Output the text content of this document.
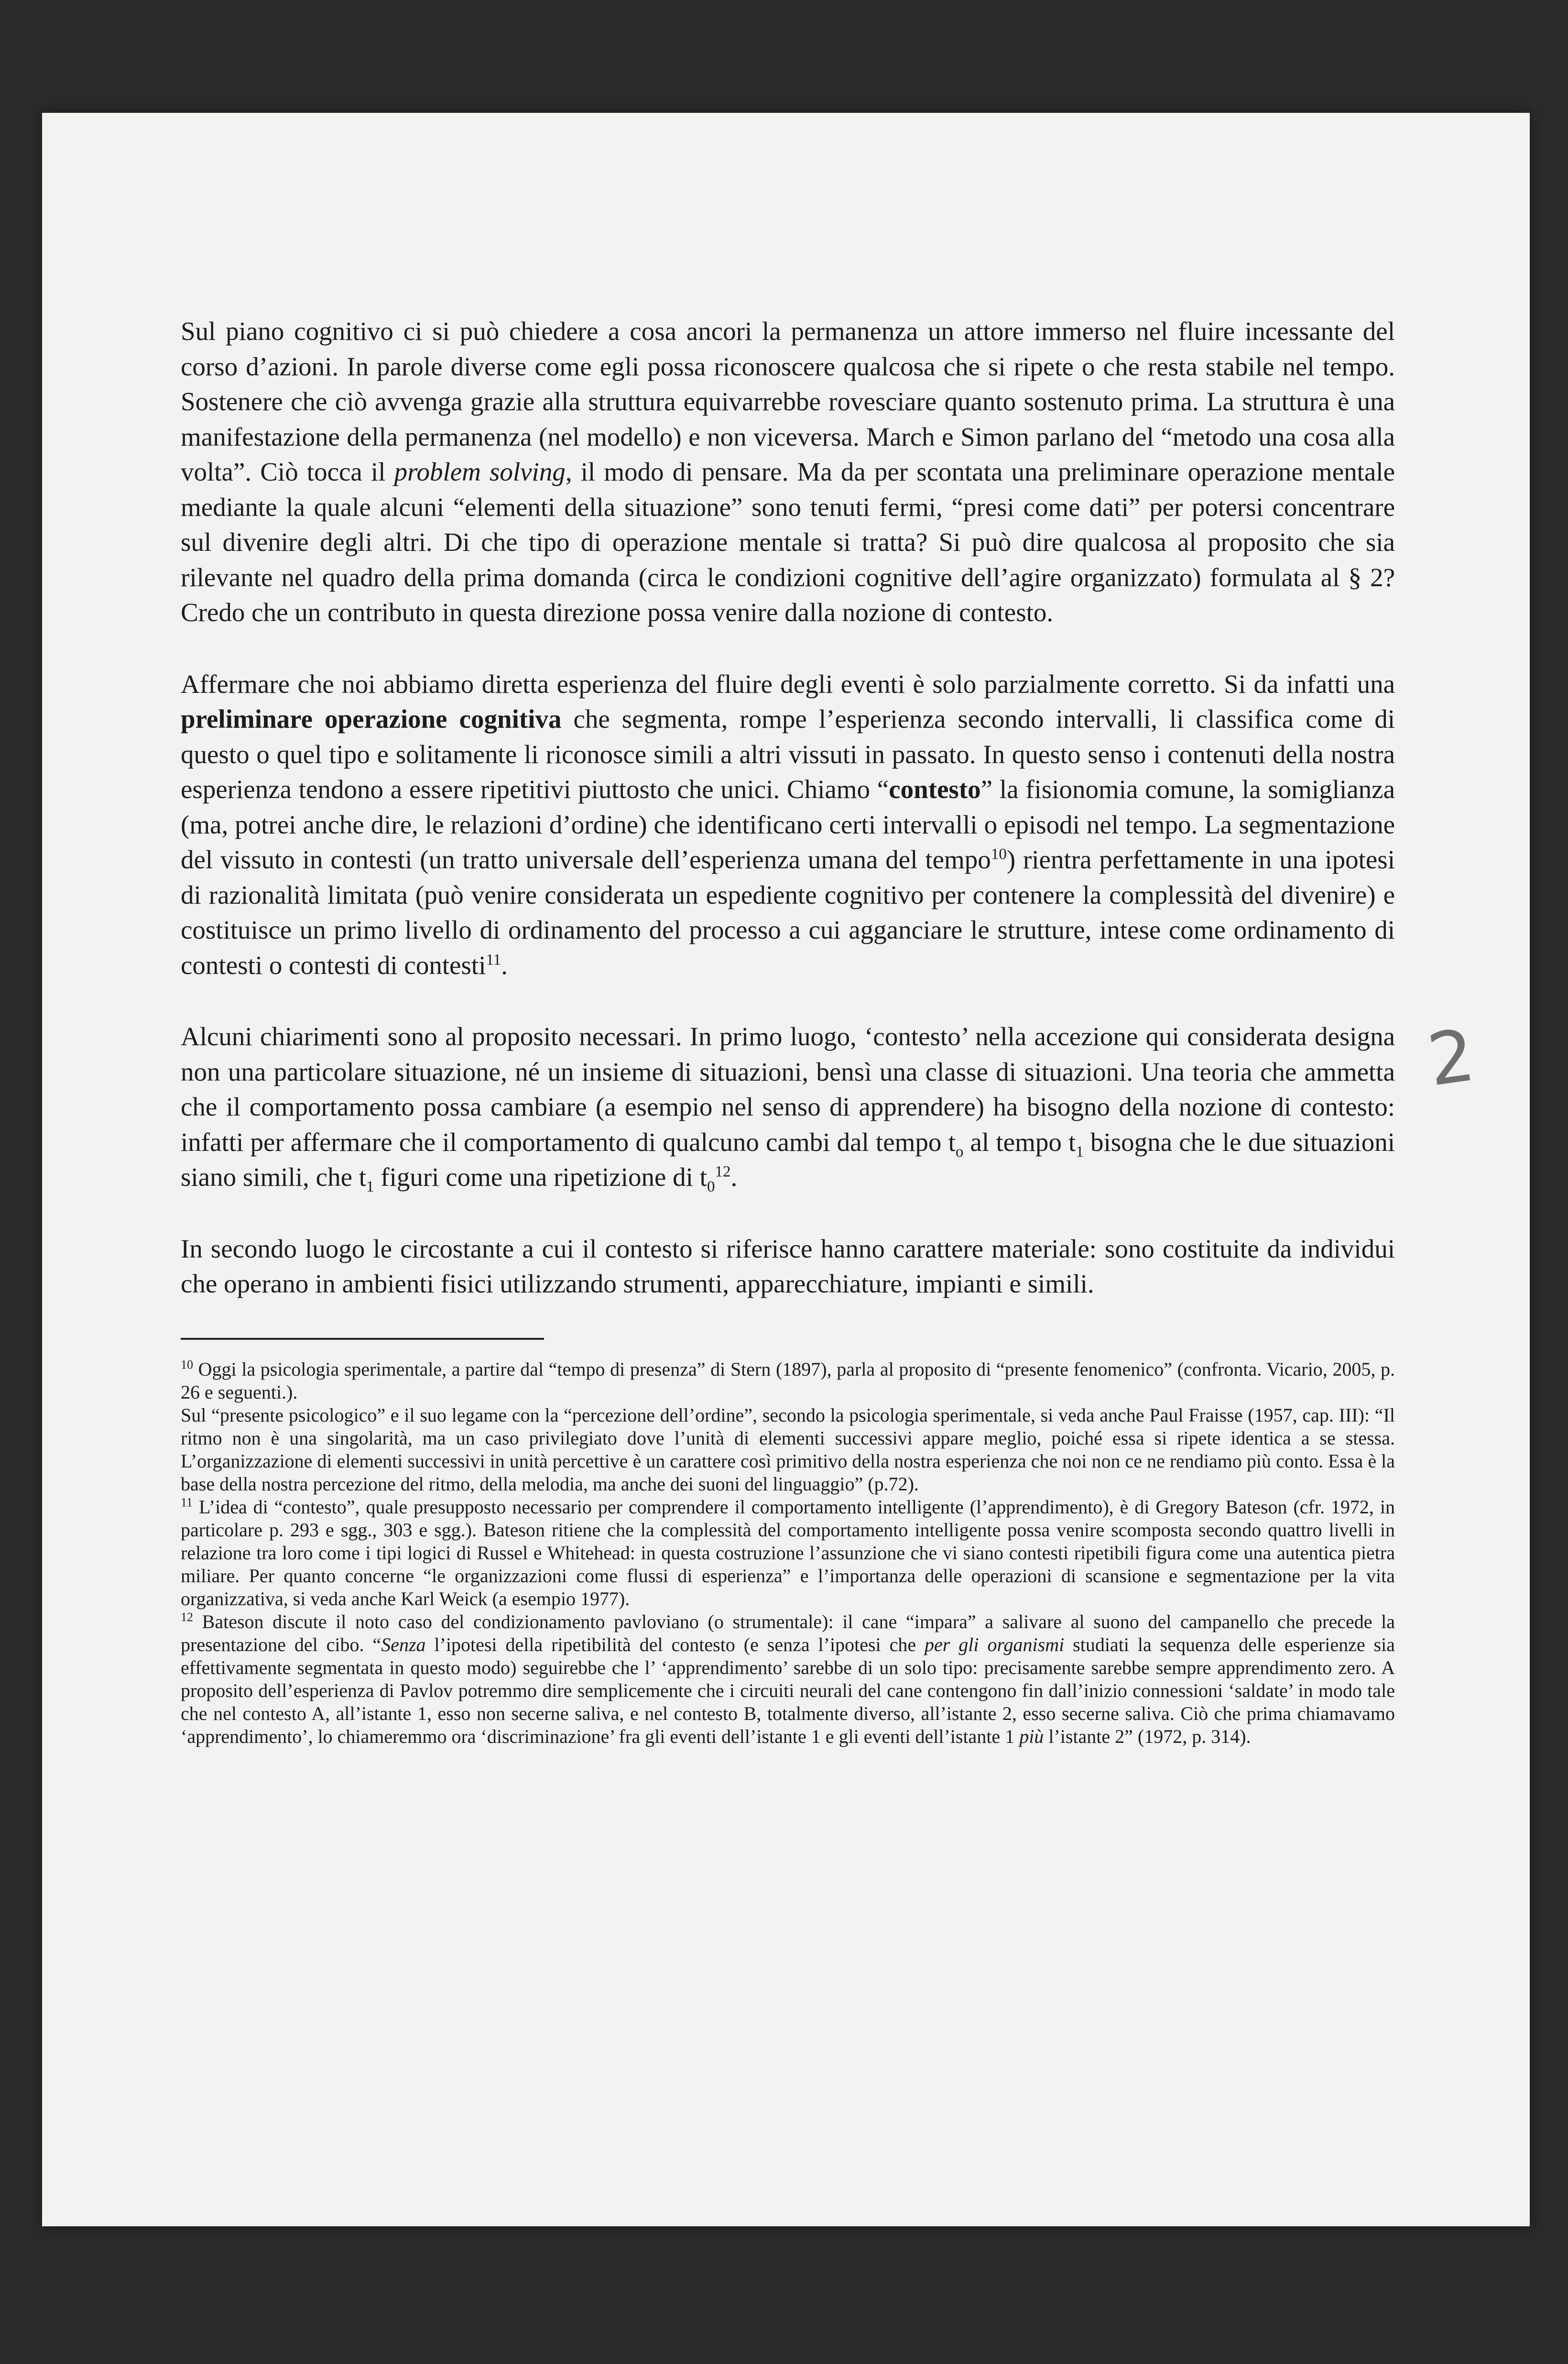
Sul piano cognitivo ci si può chiedere a cosa ancori la permanenza un attore immerso nel fluire incessante del corso d’azioni. In parole diverse come egli possa riconoscere qualcosa che si ripete o che resta stabile nel tempo. Sostenere che ciò avvenga grazie alla struttura equivarrebbe rovesciare quanto sostenuto prima. La struttura è una manifestazione della permanenza (nel modello) e non viceversa. March e Simon parlano del “metodo una cosa alla volta”. Ciò tocca il problem solving, il modo di pensare. Ma da per scontata una preliminare operazione mentale mediante la quale alcuni “elementi della situazione” sono tenuti fermi, “presi come dati” per potersi concentrare sul divenire degli altri. Di che tipo di operazione mentale si tratta? Si può dire qualcosa al proposito che sia rilevante nel quadro della prima domanda (circa le condizioni cognitive dell’agire organizzato) formulata al § 2? Credo che un contributo in questa direzione possa venire dalla nozione di contesto.

Affermare che noi abbiamo diretta esperienza del fluire degli eventi è solo parzialmente corretto. Si da infatti una preliminare operazione cognitiva che segmenta, rompe l’esperienza secondo intervalli, li classifica come di questo o quel tipo e solitamente li riconosce simili a altri vissuti in passato. In questo senso i contenuti della nostra esperienza tendono a essere ripetitivi piuttosto che unici. Chiamo “contesto” la fisionomia comune, la somiglianza (ma, potrei anche dire, le relazioni d’ordine) che identificano certi intervalli o episodi nel tempo. La segmentazione del vissuto in contesti (un tratto universale dell’esperienza umana del tempo$^{10}$) rientra perfettamente in una ipotesi di razionalità limitata (può venire considerata un espediente cognitivo per contenere la complessità del divenire) e costituisce un primo livello di ordinamento del processo a cui agganciare le strutture, intese come ordinamento di contesti o contesti di contesti$^{11}$.

Alcuni chiarimenti sono al proposito necessari. In primo luogo, ‘contesto’ nella accezione qui considerata designa non una particolare situazione, né un insieme di situazioni, bensì una classe di situazioni. Una teoria che ammetta che il comportamento possa cambiare (a esempio nel senso di apprendere) ha bisogno della nozione di contesto: infatti per affermare che il comportamento di qualcuno cambi dal tempo $t_o$ al tempo $t_1$ bisogna che le due situazioni siano simili, che $t_1$ figuri come una ripetizione di $t_0^{12}$.

In secondo luogo le circostante a cui il contesto si riferisce hanno carattere materiale: sono costituite da individui che operano in ambienti fisici utilizzando strumenti, apparecchiature, impianti e simili.

$^{10}$ Oggi la psicologia sperimentale, a partire dal “tempo di presenza” di Stern (1897), parla al proposito di “presente fenomenico” (confronta. Vicario, 2005, p. 26 e seguenti.).

Sul “presente psicologico” e il suo legame con la “percezione dell’ordine”, secondo la psicologia sperimentale, si veda anche Paul Fraisse (1957, cap. III): “Il ritmo non è una singolarità, ma un caso privilegiato dove l’unità di elementi successivi appare meglio, poiché essa si ripete identica a se stessa. L’organizzazione di elementi successivi in unità percettive è un carattere così primitivo della nostra esperienza che noi non ce ne rendiamo più conto. Essa è la base della nostra percezione del ritmo, della melodia, ma anche dei suoni del linguaggio” (p.72).

$^{11}$ L’idea di “contesto”, quale presupposto necessario per comprendere il comportamento intelligente (l’apprendimento), è di Gregory Bateson (cfr. 1972, in particolare p. 293 e sgg., 303 e sgg.). Bateson ritiene che la complessità del comportamento intelligente possa venire scomposta secondo quattro livelli in relazione tra loro come i tipi logici di Russel e Whitehead: in questa costruzione l’assunzione che vi siano contesti ripetibili figura come una autentica pietra miliare. Per quanto concerne “le organizzazioni come flussi di esperienza” e l’importanza delle operazioni di scansione e segmentazione per la vita organizzativa, si veda anche Karl Weick (a esempio 1977).

$^{12}$ Bateson discute il noto caso del condizionamento pavloviano (o strumentale): il cane “impara” a salivare al suono del campanello che precede la presentazione del cibo. “Senza l’ipotesi della ripetibilità del contesto (e senza l’ipotesi che per gli organismi studiati la sequenza delle esperienze sia effettivamente segmentata in questo modo) seguirebbe che l’ ‘apprendimento’ sarebbe di un solo tipo: precisamente sarebbe sempre apprendimento zero. A proposito dell’esperienza di Pavlov potremmo dire semplicemente che i circuiti neurali del cane contengono fin dall’inizio connessioni ‘saldate’ in modo tale che nel contesto A, all’istante 1, esso non secerne saliva, e nel contesto B, totalmente diverso, all’istante 2, esso secerne saliva. Ciò che prima chiamavamo ‘apprendimento’, lo chiameremmo ora ‘discriminazione’ fra gli eventi dell’istante 1 e gli eventi dell’istante 1 più l’istante 2” (1972, p. 314).

2
